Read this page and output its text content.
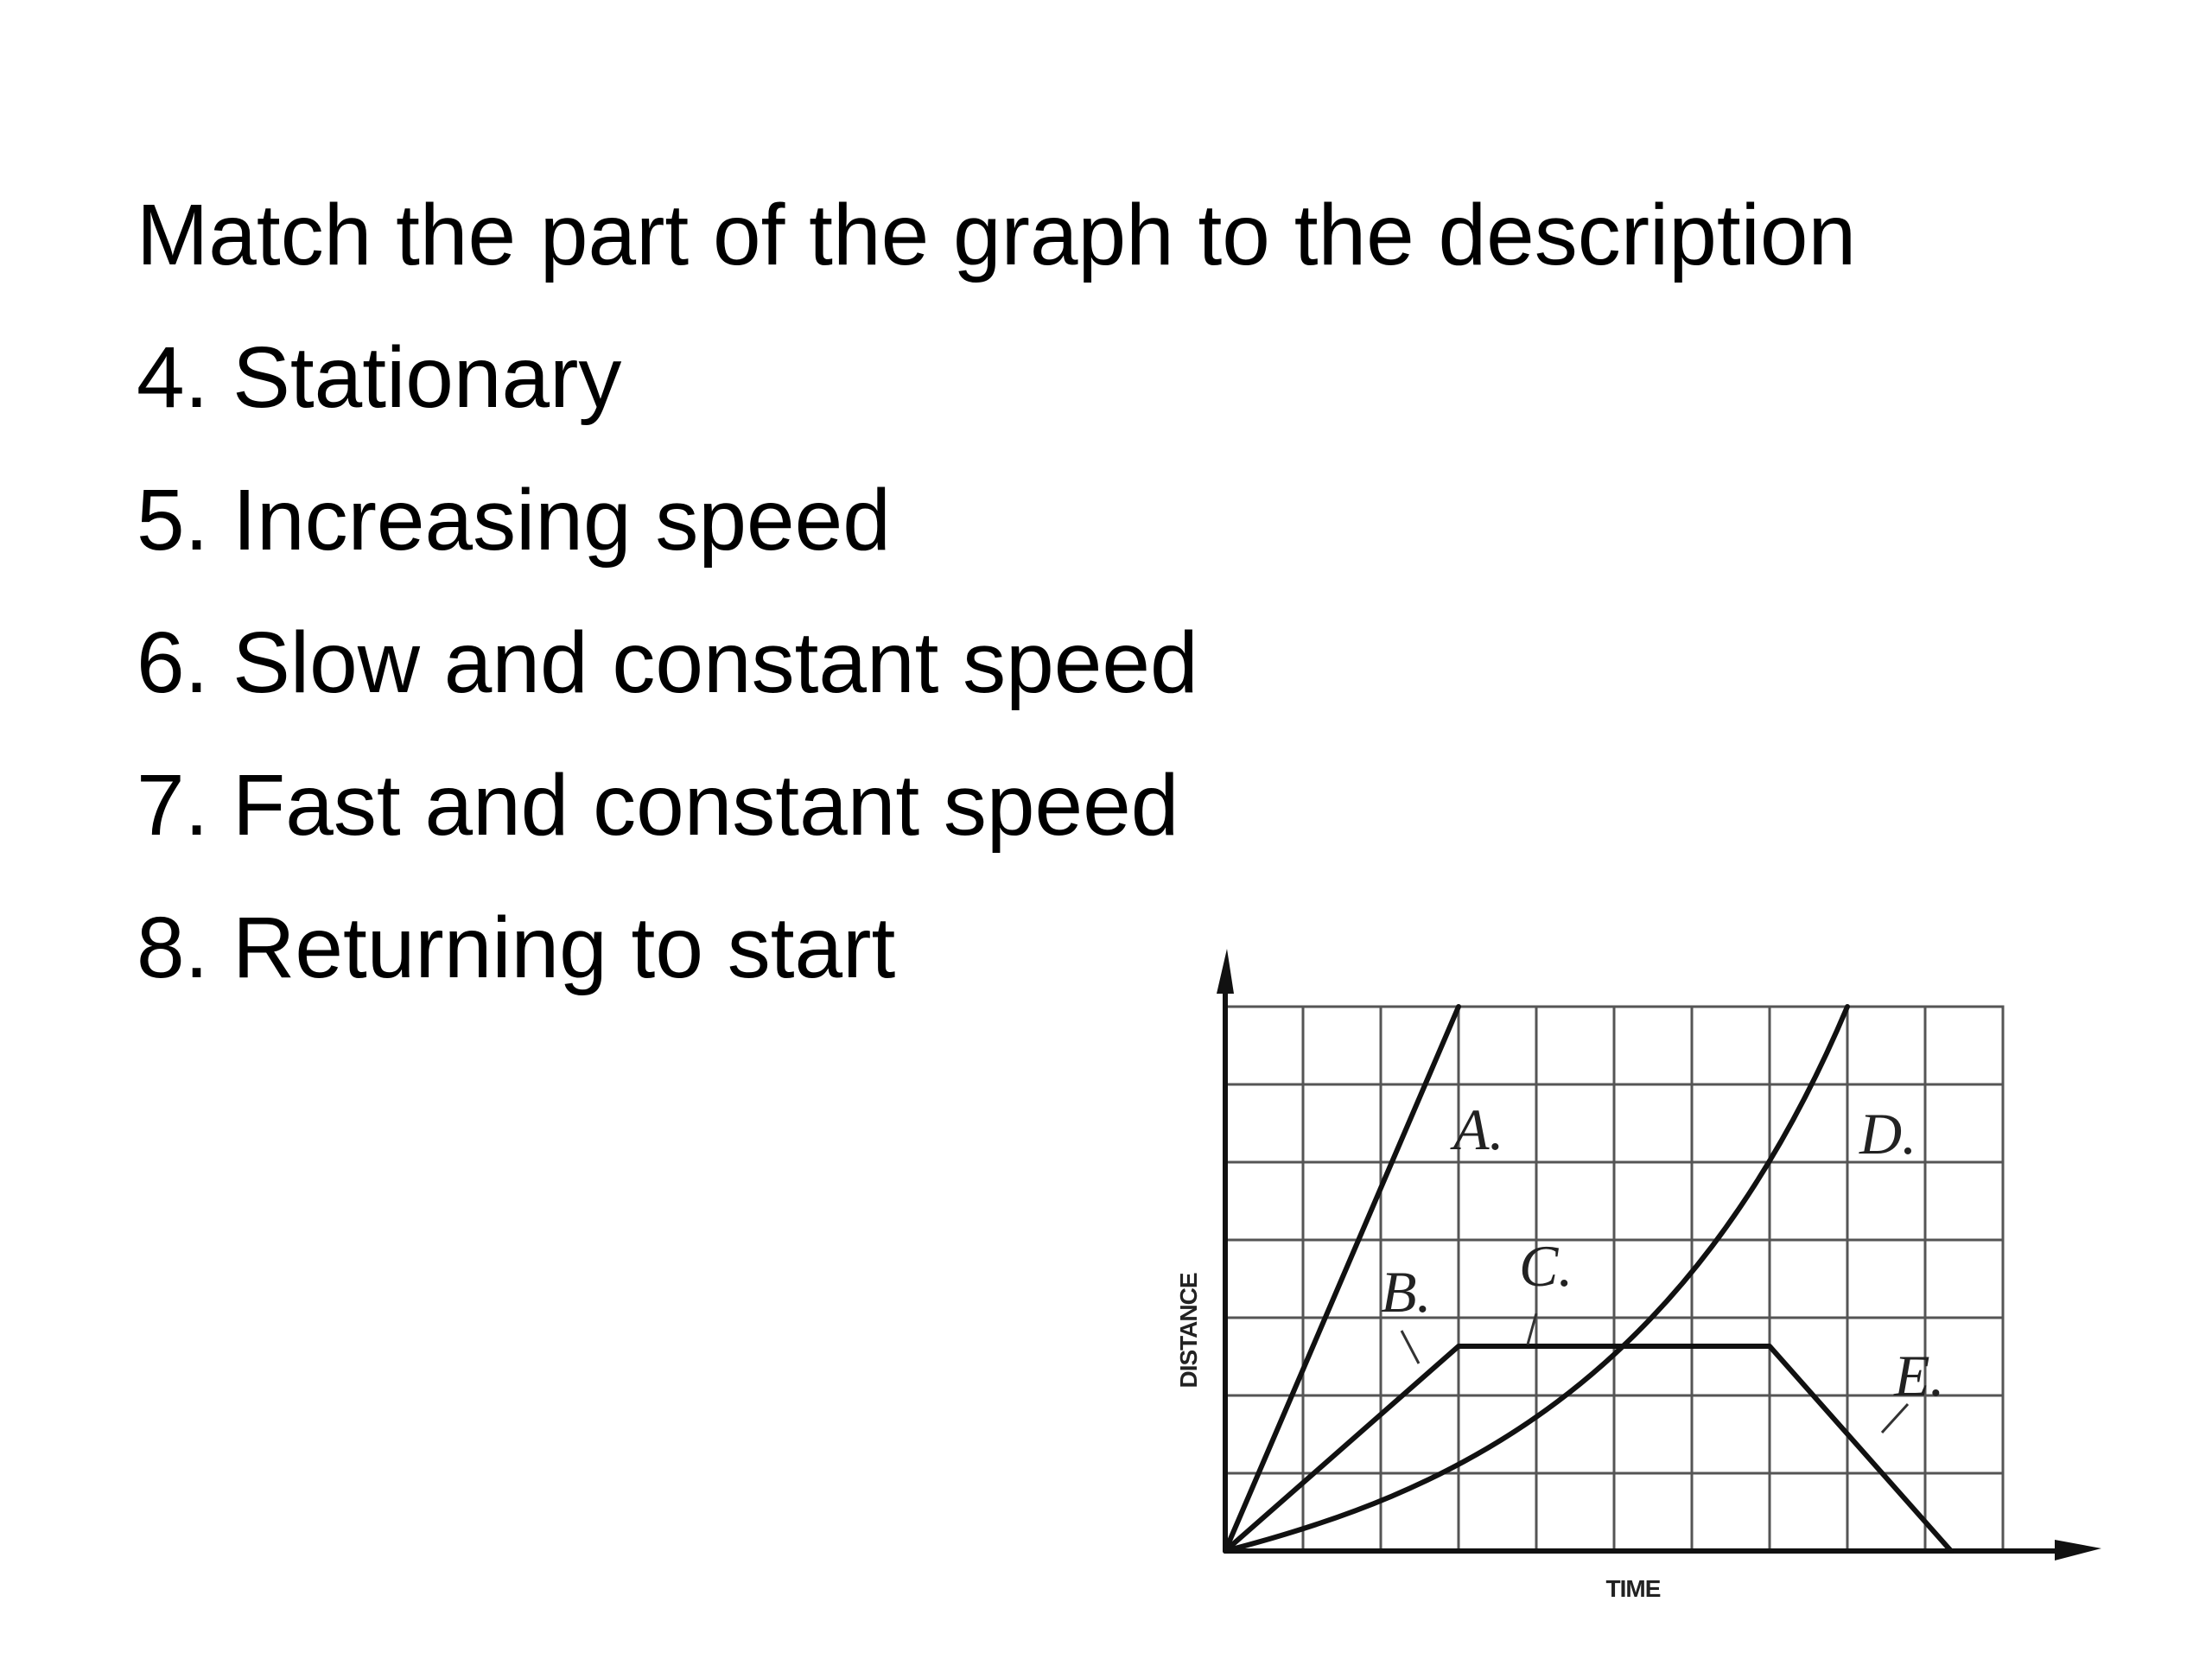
Match the part of the graph to the description
4. Stationary
5. Increasing speed
6. Slow and constant speed
7. Fast and constant speed
8. Returning to start
A.
B. C.
D.
E.
DISTANCE
TIME
